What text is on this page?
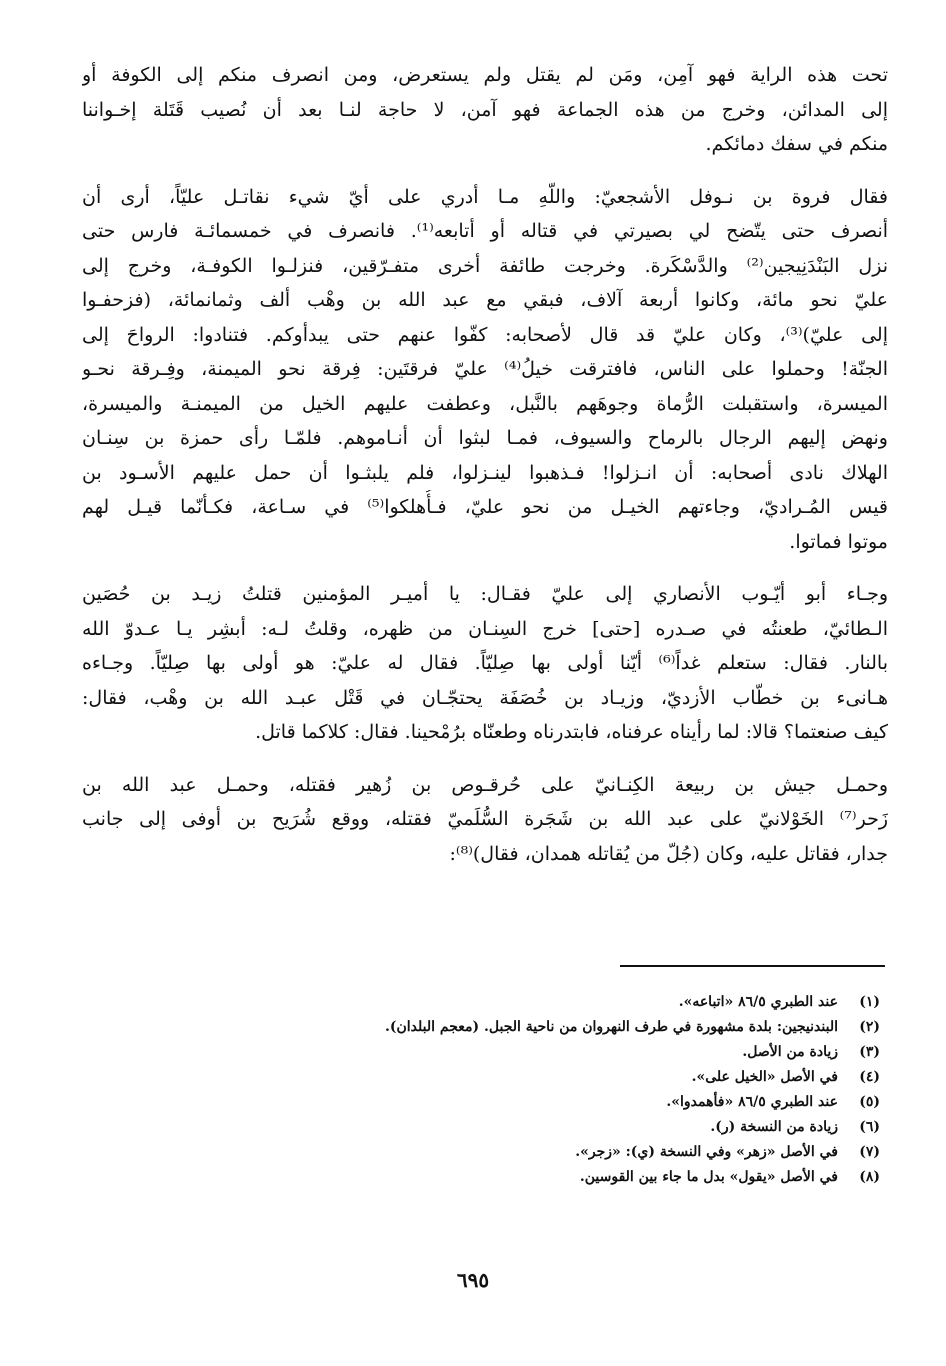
تحت هذه الراية فهو آمِن، ومَن لم يقتل ولم يستعرض، ومن انصرف منكم إلى الكوفة أو
إلى المدائن، وخرج من هذه الجماعة فهو آمن، لا حاجة لنـا بعد أن نُصيب قَتَلة إخـواننا
منكم في سفك دمائكم.

فقال فروة بن نـوفل الأشجعيّ: واللّهِ مـا أدري على أيّ شيء نقاتـل عليّاً، أرى أن
أنصرف حتى يتّضح لي بصيرتي في قتاله أو أتابعه⁽¹⁾. فانصرف في خمسمائـة فارس حتى
نزل البَنْدَنِيجين⁽²⁾ والدَّسْكَرة. وخرجت طائفة أخرى متفـرّقين، فنزلـوا الكوفـة، وخرج إلى
عليّ نحو مائة، وكانوا أربعة آلاف، فبقي مع عبد الله بن وهْب ألف وثمانمائة، (فزحفـوا
إلى عليّ)⁽³⁾، وكان عليّ قد قال لأصحابه: كفّوا عنهم حتى يبدأوكم. فتنادوا: الرواحَ إلى
الجنّة! وحملوا على الناس، فافترقت خيلُ⁽⁴⁾ عليّ فرقتَين: فِرقة نحو الميمنة، وفِـرقة نحـو
الميسرة، واستقبلت الرُّماة وجوهَهم بالنَّبل، وعطفت عليهم الخيل من الميمنـة والميسرة،
ونهض إليهم الرجال بالرماح والسيوف، فمـا لبثوا أن أنـاموهم. فلمّـا رأى حمزة بن سِنـان
الهلاك نادى أصحابه: أن انـزلوا! فـذهبوا لينـزلوا، فلم يلبثـوا أن حمل عليهم الأسـود بن
قيس المُـراديّ، وجاءتهم الخيـل من نحو عليّ، فـأُهلكوا⁽⁵⁾ في سـاعة، فكـأنّما قيـل لهم
موتوا فماتوا.

وجـاء أبو أيّـوب الأنصاري إلى عليّ فقـال: يا أميـر المؤمنين قتلتُ زيـد بن حُصَين
الـطائيّ، طعنتُه في صـدره [حتى] خرج السِنـان من ظهره، وقلتُ لـه: أبشِر يـا عـدوّ الله
بالنار. فقال: ستعلم غداً⁽⁶⁾ أيّنا أولى بها صِليّاً. فقال له عليّ: هو أولى بها صِليّاً. وجـاءه
هـانىء بن خطّاب الأزديّ، وزيـاد بن خُصَفَة يحتجّـان في قَتْل عبـد الله بن وهْب، فقال:
كيف صنعتما؟ قالا: لما رأيناه عرفناه، فابتدرناه وطعنّاه برُمْحينا. فقال: كلاكما قاتل.

وحمـل جيش بن ربيعة الكِنـانيّ على حُرقـوص بن زُهير فقتله، وحمـل عبد الله بن
زَحر⁽⁷⁾ الخَوْلانيّ على عبد الله بن شَجَرة السُّلَميّ فقتله، ووقع شُرَيح بن أوفى إلى جانب
جدار، فقاتل عليه، وكان (جُلّ من يُقاتله همدان، فقال)⁽⁸⁾:

(١)
عند الطبري ٨٦/٥ «اتباعه».
(٢)
البندنيجين: بلدة مشهورة في طرف النهروان من ناحية الجبل. (معجم البلدان).
(٣)
زيادة من الأصل.
(٤)
في الأصل «الخيل على».
(٥)
عند الطبري ٨٦/٥ «فأهمدوا».
(٦)
زيادة من النسخة (ر).
(٧)
في الأصل «زهر» وفي النسخة (ي): «زجر».
(٨)
في الأصل «يقول» بدل ما جاء بين القوسين.
٦٩٥
